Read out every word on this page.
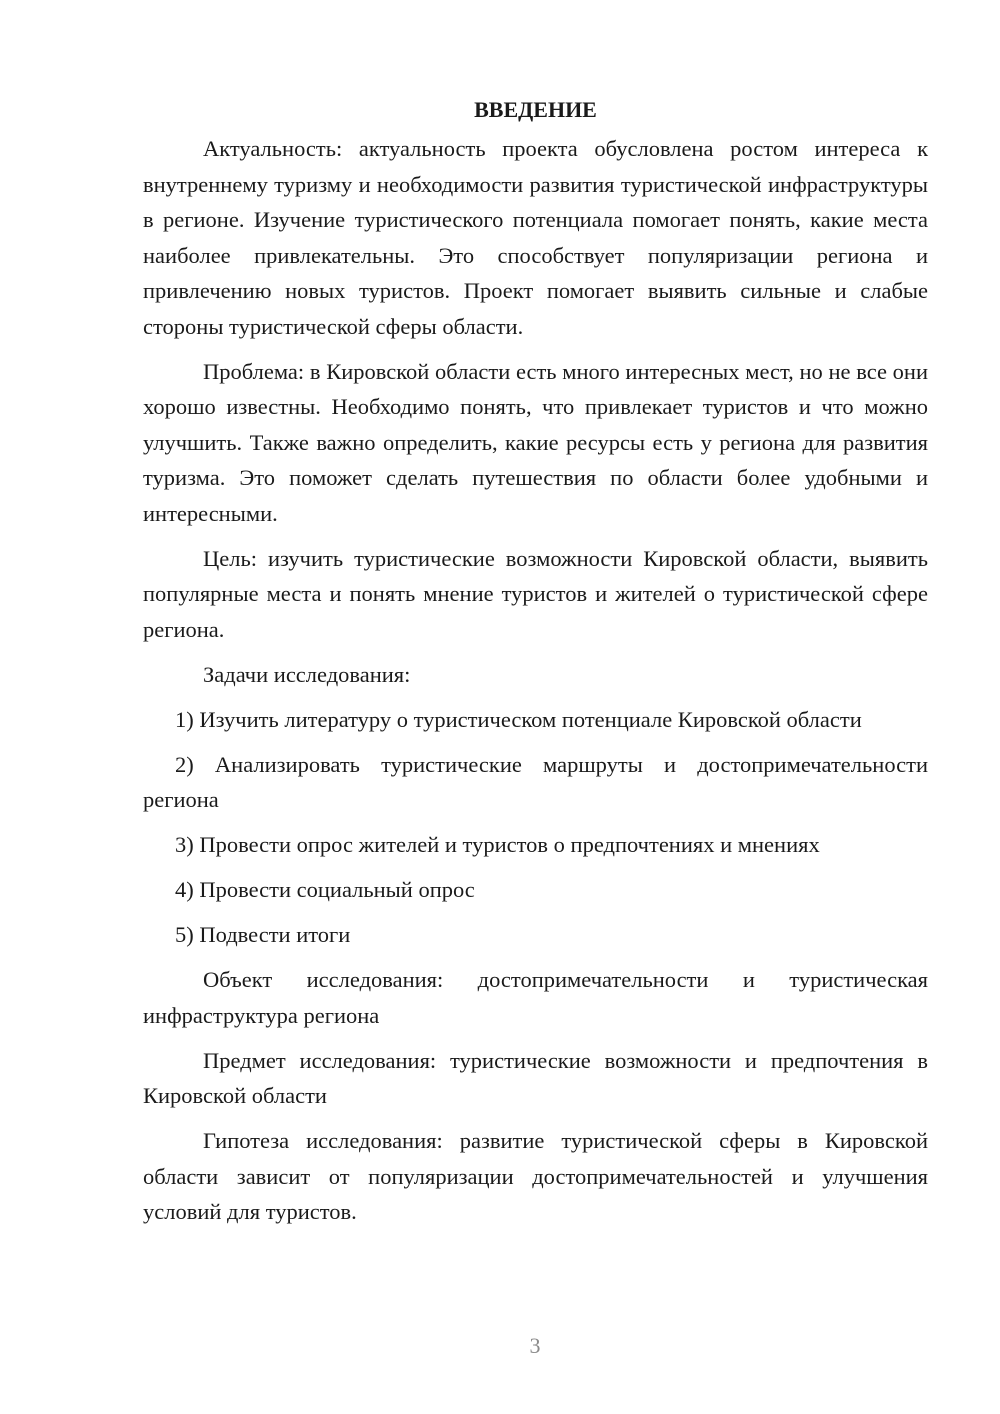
ВВЕДЕНИЕ

Актуальность: актуальность проекта обусловлена ростом интереса к внутреннему туризму и необходимости развития туристической инфраструктуры в регионе. Изучение туристического потенциала помогает понять, какие места наиболее привлекательны. Это способствует популяризации региона и привлечению новых туристов. Проект помогает выявить сильные и слабые стороны туристической сферы области.

Проблема: в Кировской области есть много интересных мест, но не все они хорошо известны. Необходимо понять, что привлекает туристов и что можно улучшить. Также важно определить, какие ресурсы есть у региона для развития туризма. Это поможет сделать путешествия по области более удобными и интересными.

Цель: изучить туристические возможности Кировской области, выявить популярные места и понять мнение туристов и жителей о туристической сфере региона.

Задачи исследования:

1) Изучить литературу о туристическом потенциале Кировской области

2) Анализировать туристические маршруты и достопримечательности региона

3) Провести опрос жителей и туристов о предпочтениях и мнениях

4) Провести социальный опрос

5) Подвести итоги

Объект исследования: достопримечательности и туристическая инфраструктура региона

Предмет исследования: туристические возможности и предпочтения в Кировской области

Гипотеза исследования: развитие туристической сферы в Кировской области зависит от популяризации достопримечательностей и улучшения условий для туристов.

3
